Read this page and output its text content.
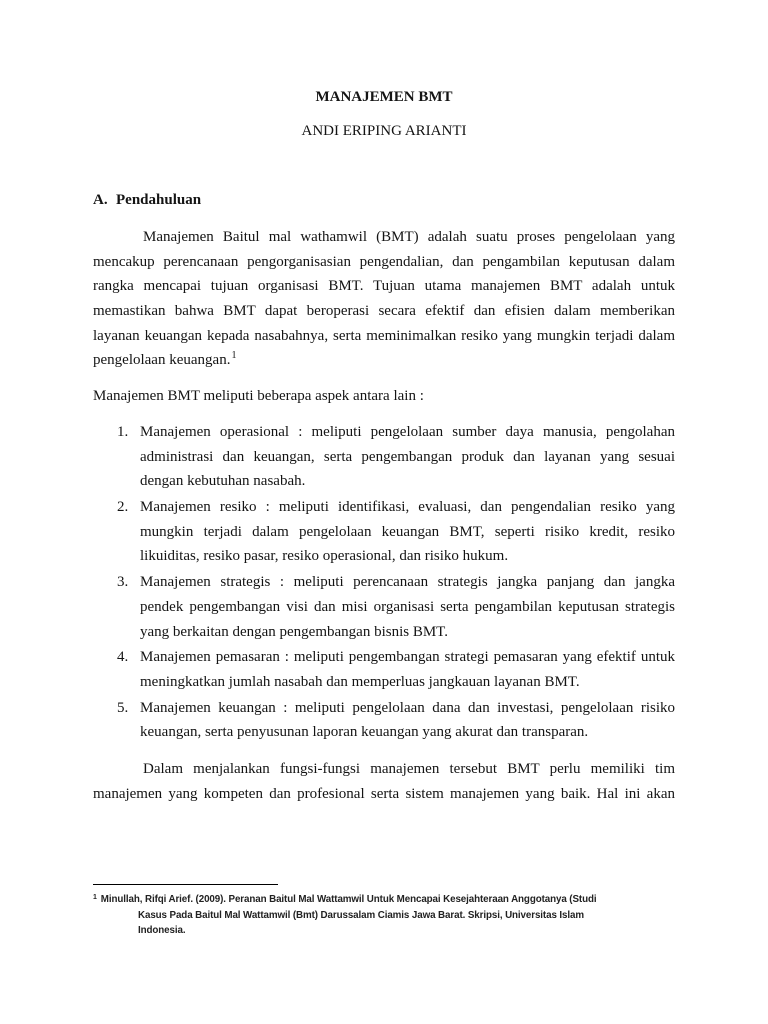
MANAJEMEN BMT
ANDI ERIPING ARIANTI
A. Pendahuluan
Manajemen Baitul mal wathamwil (BMT) adalah suatu proses pengelolaan yang
mencakup perencanaan pengorganisasian pengendalian, dan pengambilan keputusan dalam
rangka mencapai tujuan organisasi BMT. Tujuan utama manajemen BMT adalah untuk
memastikan bahwa BMT dapat beroperasi secara efektif dan efisien dalam memberikan
layanan keuangan kepada nasabahnya, serta meminimalkan resiko yang mungkin terjadi dalam
pengelolaan keuangan.$^1$
Manajemen BMT meliputi beberapa aspek antara lain :
1. Manajemen operasional : meliputi pengelolaan sumber daya manusia, pengolahan
administrasi dan keuangan, serta pengembangan produk dan layanan yang sesuai
dengan kebutuhan nasabah.
2. Manajemen resiko : meliputi identifikasi, evaluasi, dan pengendalian resiko yang
mungkin terjadi dalam pengelolaan keuangan BMT, seperti risiko kredit, resiko
likuiditas, resiko pasar, resiko operasional, dan risiko hukum.
3. Manajemen strategis : meliputi perencanaan strategis jangka panjang dan jangka
pendek pengembangan visi dan misi organisasi serta pengambilan keputusan strategis
yang berkaitan dengan pengembangan bisnis BMT.
4. Manajemen pemasaran : meliputi pengembangan strategi pemasaran yang efektif untuk
meningkatkan jumlah nasabah dan memperluas jangkauan layanan BMT.
5. Manajemen keuangan : meliputi pengelolaan dana dan investasi, pengelolaan risiko
keuangan, serta penyusunan laporan keuangan yang akurat dan transparan.
Dalam menjalankan fungsi-fungsi manajemen tersebut BMT perlu memiliki tim
manajemen yang kompeten dan profesional serta sistem manajemen yang baik. Hal ini akan
$^1$ Minullah, Rifqi Arief. (2009). Peranan Baitul Mal Wattamwil Untuk Mencapai Kesejahteraan Anggotanya (Studi
Kasus Pada Baitul Mal Wattamwil (Bmt) Darussalam Ciamis Jawa Barat. Skripsi, Universitas Islam
Indonesia.
